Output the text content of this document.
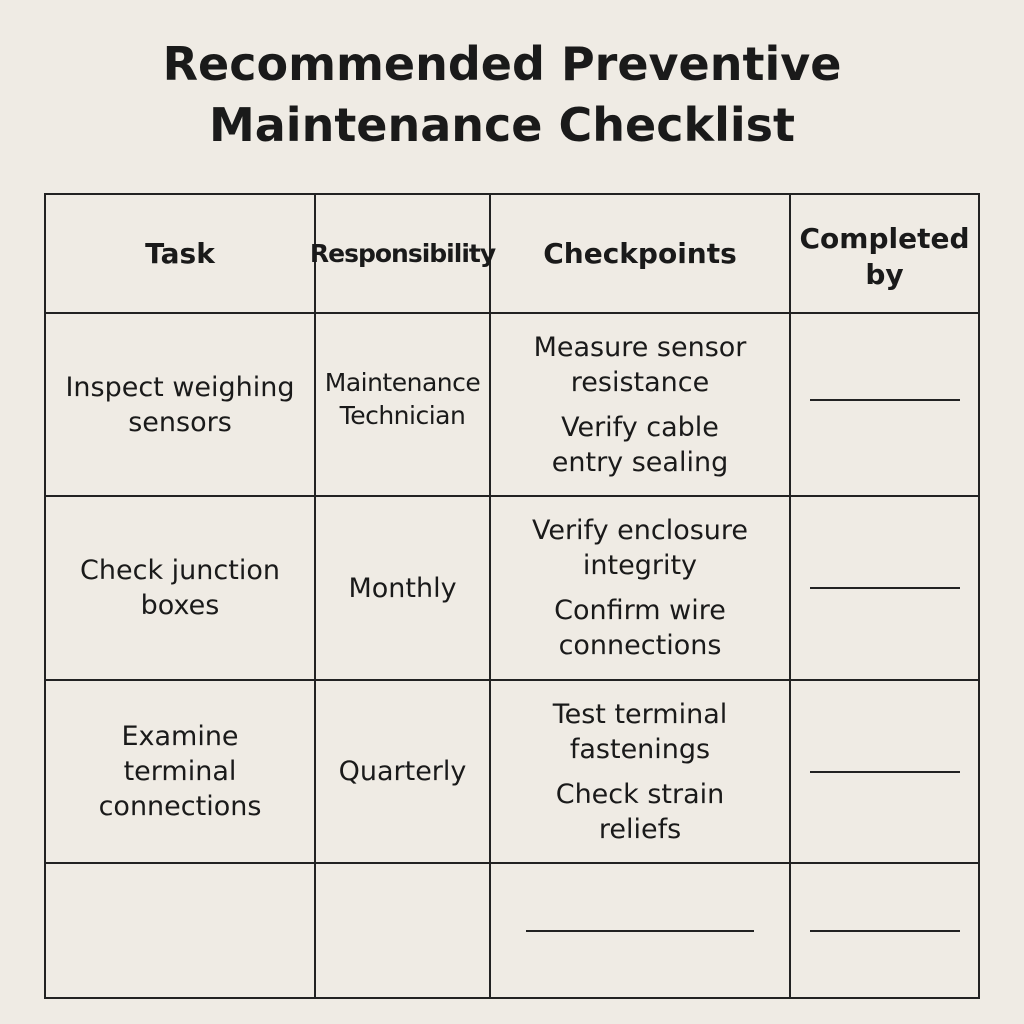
Recommended Preventive
Maintenance Checklist
Task	Responsibility Checkpoints Completed
by
Inspect weighing
sensors
Maintenance
Technician
Measure sensor
resistance
Verify cable
entry sealing
Check junction
boxes
Monthly
Verify enclosure
integrity
Confirm wire
connections
Examine
terminal
connections
Quarterly
Test terminal
fastenings
Check strain
reliefs
